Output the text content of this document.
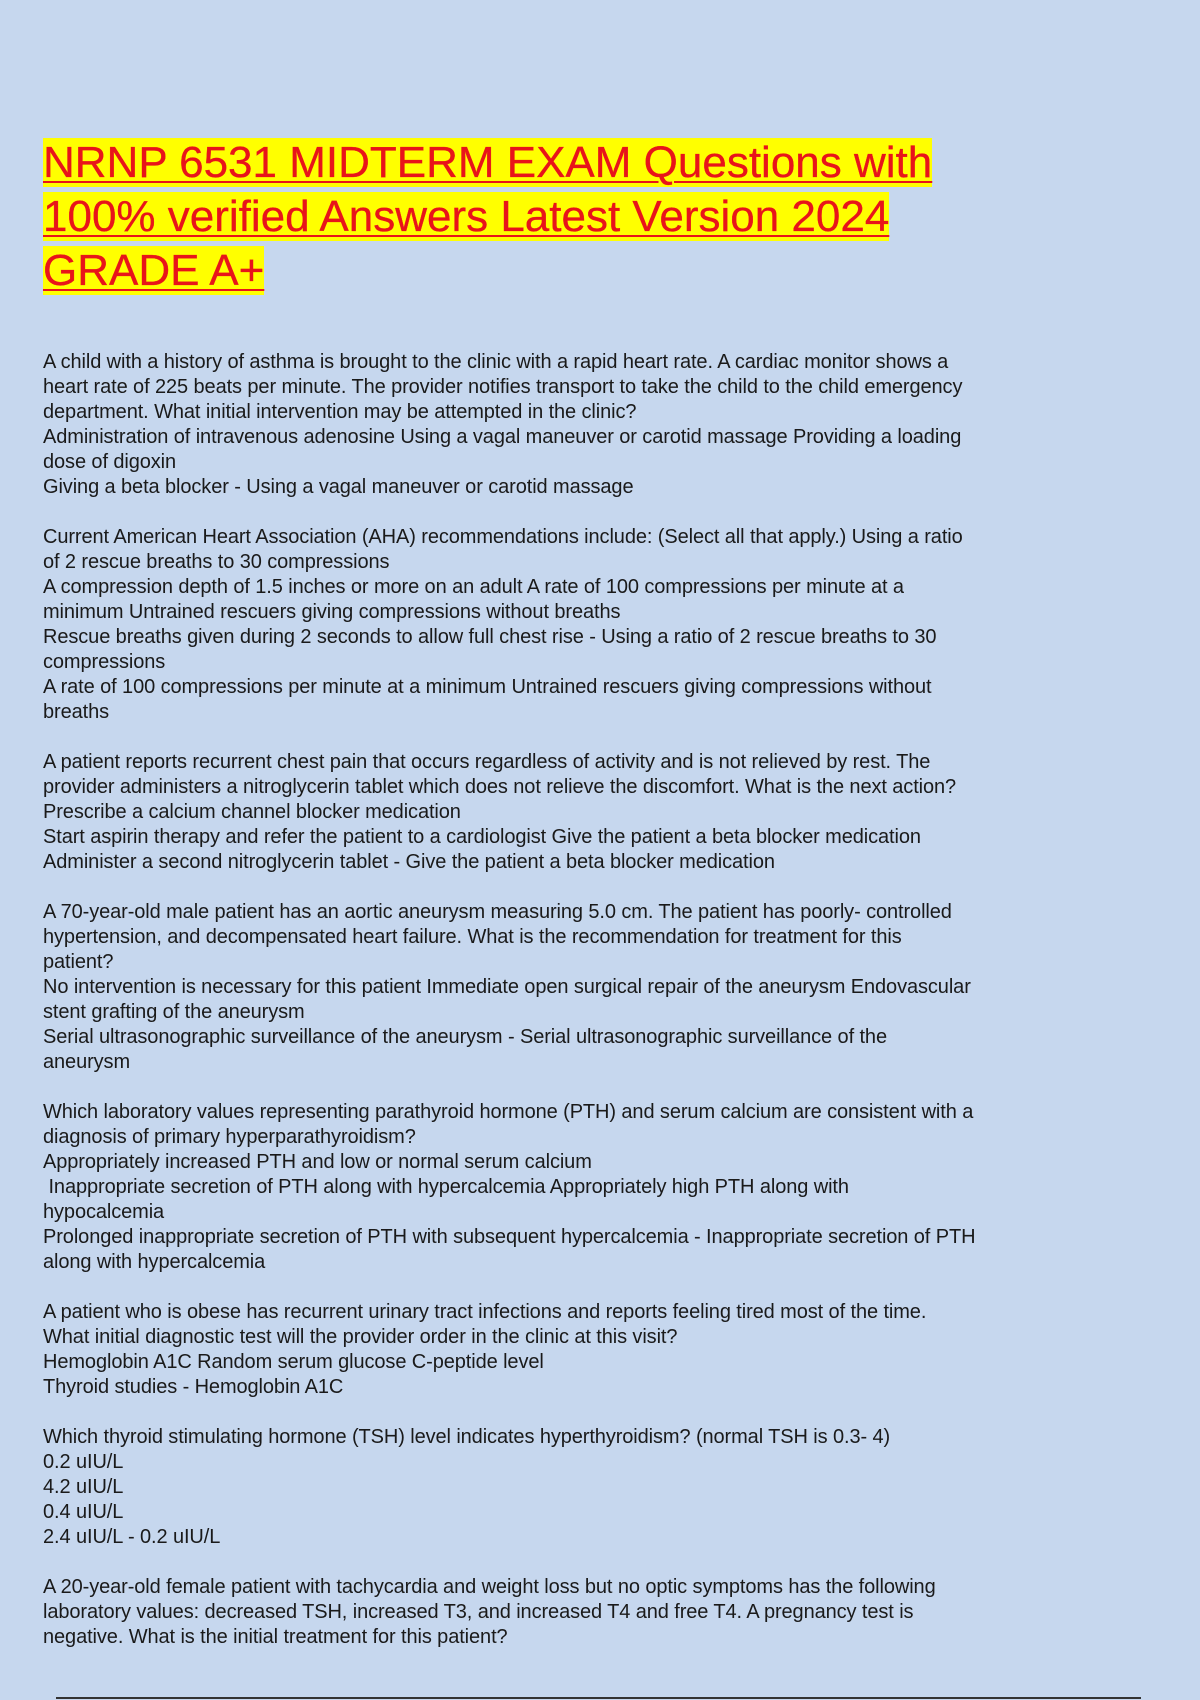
NRNP 6531 MIDTERM EXAM Questions with
100% verified Answers Latest Version 2024
GRADE A+

A child with a history of asthma is brought to the clinic with a rapid heart rate. A cardiac monitor shows a

heart rate of 225 beats per minute. The provider notifies transport to take the child to the child emergency

department. What initial intervention may be attempted in the clinic?

Administration of intravenous adenosine Using a vagal maneuver or carotid massage Providing a loading

dose of digoxin

Giving a beta blocker - Using a vagal maneuver or carotid massage

Current American Heart Association (AHA) recommendations include: (Select all that apply.) Using a ratio

of 2 rescue breaths to 30 compressions

A compression depth of 1.5 inches or more on an adult A rate of 100 compressions per minute at a

minimum Untrained rescuers giving compressions without breaths

Rescue breaths given during 2 seconds to allow full chest rise - Using a ratio of 2 rescue breaths to 30

compressions

A rate of 100 compressions per minute at a minimum Untrained rescuers giving compressions without

breaths

A patient reports recurrent chest pain that occurs regardless of activity and is not relieved by rest. The

provider administers a nitroglycerin tablet which does not relieve the discomfort. What is the next action?

Prescribe a calcium channel blocker medication

Start aspirin therapy and refer the patient to a cardiologist Give the patient a beta blocker medication

Administer a second nitroglycerin tablet - Give the patient a beta blocker medication

A 70-year-old male patient has an aortic aneurysm measuring 5.0 cm. The patient has poorly- controlled

hypertension, and decompensated heart failure. What is the recommendation for treatment for this

patient?

No intervention is necessary for this patient Immediate open surgical repair of the aneurysm Endovascular

stent grafting of the aneurysm

Serial ultrasonographic surveillance of the aneurysm - Serial ultrasonographic surveillance of the

aneurysm

Which laboratory values representing parathyroid hormone (PTH) and serum calcium are consistent with a

diagnosis of primary hyperparathyroidism?

Appropriately increased PTH and low or normal serum calcium

Inappropriate secretion of PTH along with hypercalcemia Appropriately high PTH along with

hypocalcemia

Prolonged inappropriate secretion of PTH with subsequent hypercalcemia - Inappropriate secretion of PTH

along with hypercalcemia

A patient who is obese has recurrent urinary tract infections and reports feeling tired most of the time.

What initial diagnostic test will the provider order in the clinic at this visit?

Hemoglobin A1C Random serum glucose C-peptide level

Thyroid studies - Hemoglobin A1C

Which thyroid stimulating hormone (TSH) level indicates hyperthyroidism? (normal TSH is 0.3- 4)

0.2 uIU/L

4.2 uIU/L

0.4 uIU/L

2.4 uIU/L - 0.2 uIU/L

A 20-year-old female patient with tachycardia and weight loss but no optic symptoms has the following

laboratory values: decreased TSH, increased T3, and increased T4 and free T4. A pregnancy test is

negative. What is the initial treatment for this patient?
